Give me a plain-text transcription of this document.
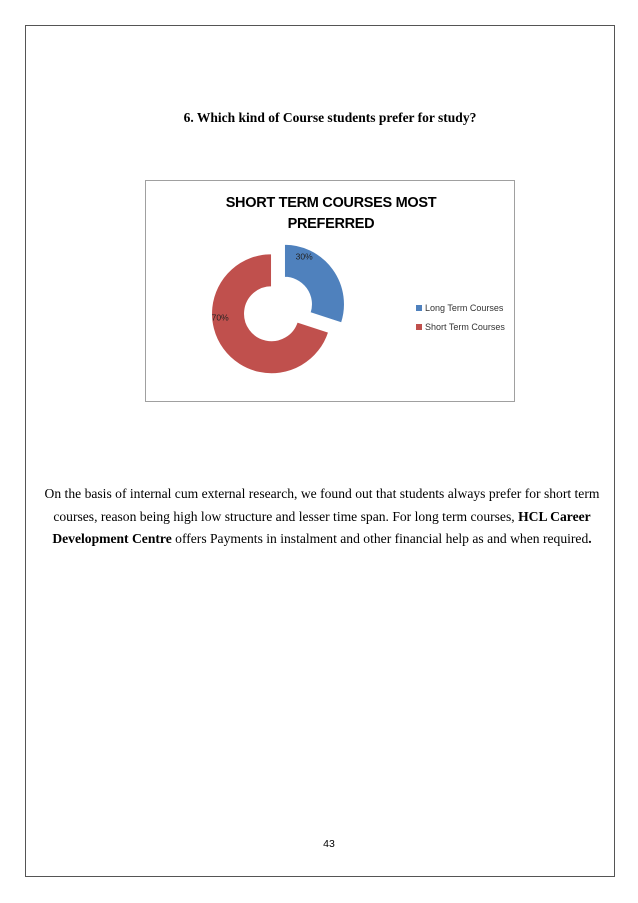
6. Which kind of Course students prefer for study?
30%
70%
Long Term Courses
Short Term Courses
SHORT TERM COURSES MOST
PREFERRED
On the basis of internal cum external research, we found out that students always prefer for short term courses, reason being high low structure and lesser time span. For long term courses, HCL Career Development Centre offers Payments in instalment and other financial help as and when required.
43
